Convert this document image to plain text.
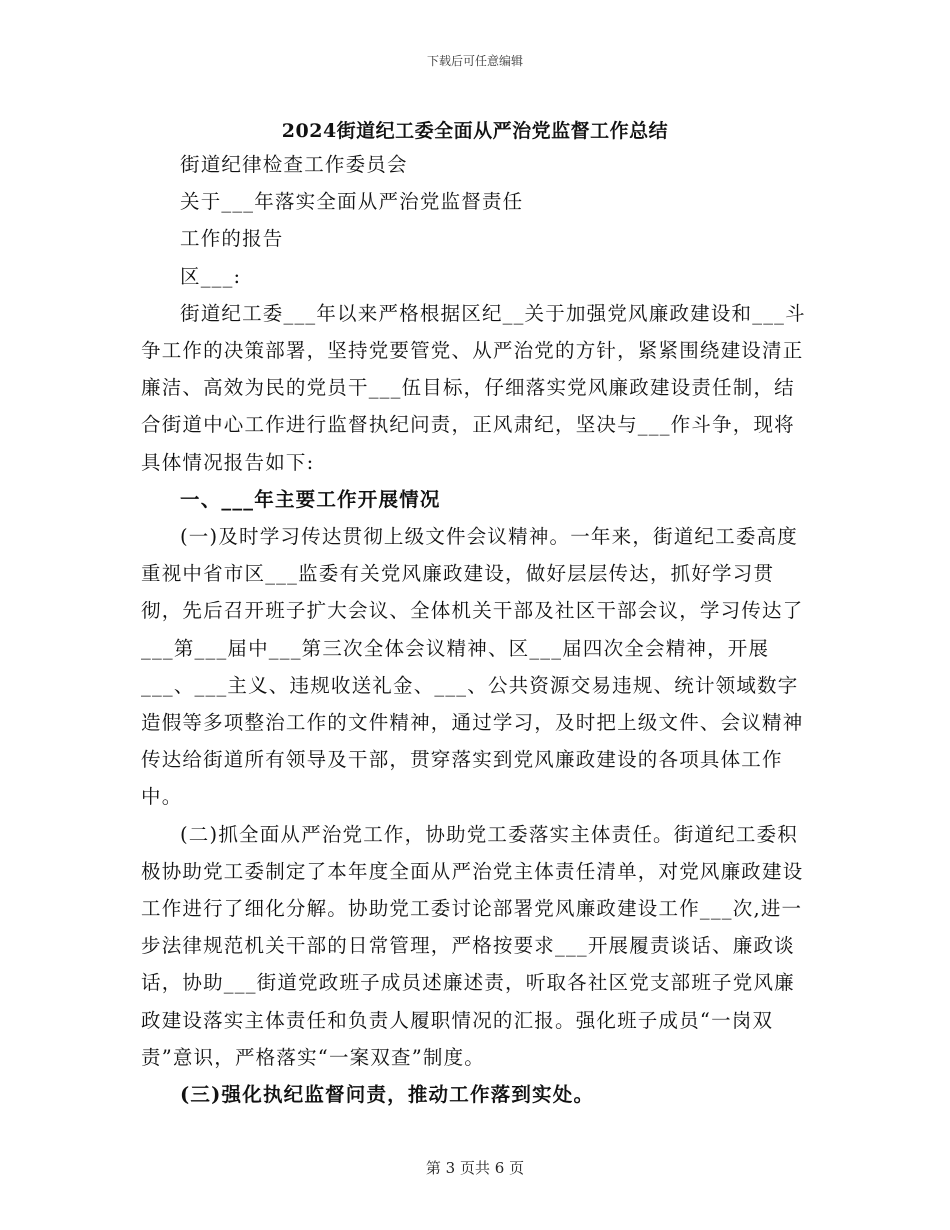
下载后可任意编辑
2024街道纪工委全面从严治党监督工作总结

街道纪律检查工作委员会

关于___年落实全面从严治党监督责任

工作的报告

区___:

街道纪工委___年以来严格根据区纪__关于加强党风廉政建设和___斗争工作的决策部署，坚持党要管党、从严治党的方针，紧紧围绕建设清正廉洁、高效为民的党员干___伍目标，仔细落实党风廉政建设责任制，结合街道中心工作进行监督执纪问责，正风肃纪，坚决与___作斗争，现将具体情况报告如下:

一、___年主要工作开展情况

(一)及时学习传达贯彻上级文件会议精神。一年来，街道纪工委高度重视中省市区___监委有关党风廉政建设，做好层层传达，抓好学习贯彻，先后召开班子扩大会议、全体机关干部及社区干部会议，学习传达了___第___届中___第三次全体会议精神、区___届四次全会精神，开展___、___主义、违规收送礼金、___、公共资源交易违规、统计领域数字造假等多项整治工作的文件精神，通过学习，及时把上级文件、会议精神传达给街道所有领导及干部，贯穿落实到党风廉政建设的各项具体工作中。

(二)抓全面从严治党工作，协助党工委落实主体责任。街道纪工委积极协助党工委制定了本年度全面从严治党主体责任清单，对党风廉政建设工作进行了细化分解。协助党工委讨论部署党风廉政建设工作___次,进一步法律规范机关干部的日常管理，严格按要求___开展履责谈话、廉政谈话，协助___街道党政班子成员述廉述责，听取各社区党支部班子党风廉政建设落实主体责任和负责人履职情况的汇报。强化班子成员“一岗双责”意识，严格落实“一案双查”制度。

(三)强化执纪监督问责，推动工作落到实处。

第 3 页共 6 页
